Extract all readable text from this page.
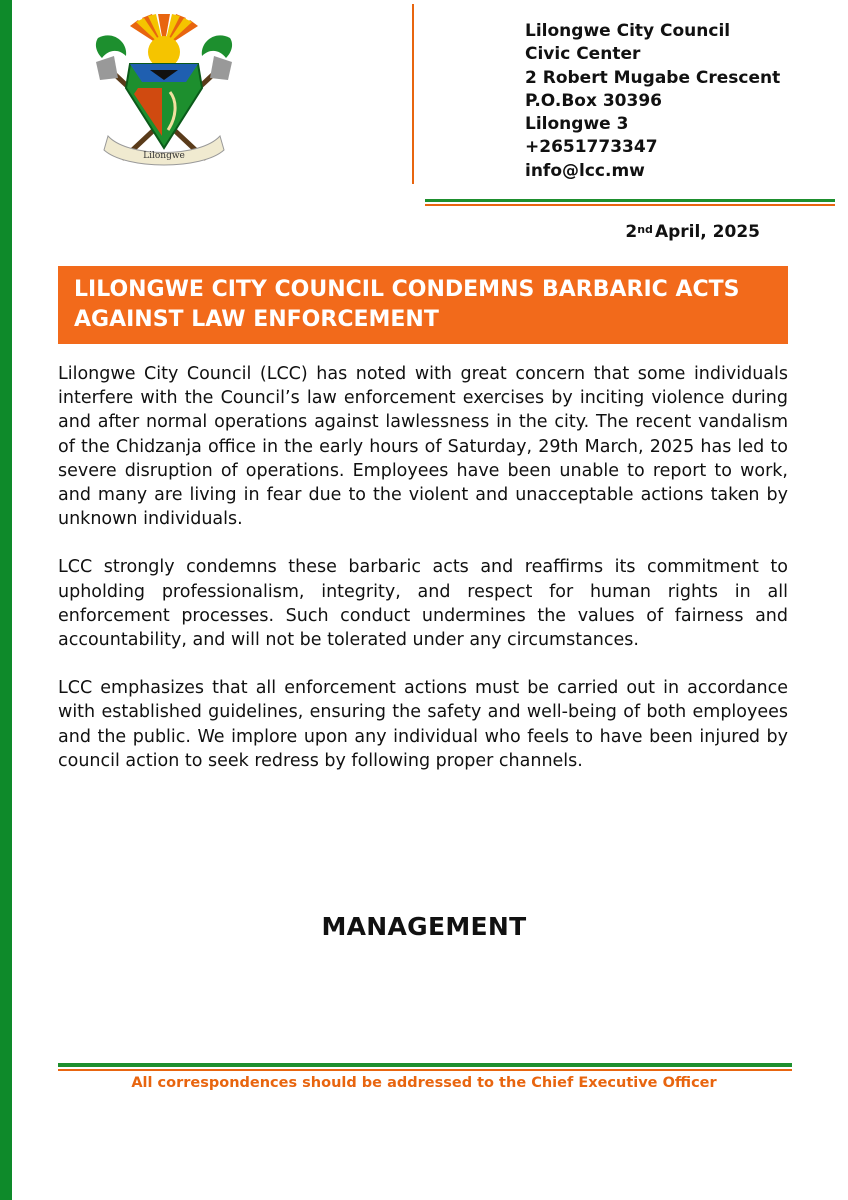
Lilongwe
Lilongwe City Council
Civic Center
2 Robert Mugabe Crescent
P.O.Box 30396
Lilongwe 3
+2651773347
info@lcc.mw
2nd April, 2025
LILONGWE CITY COUNCIL CONDEMNS BARBARIC ACTS
AGAINST LAW ENFORCEMENT

Lilongwe City Council (LCC) has noted with great concern that some individuals interfere with the Council’s law enforcement exercises by inciting violence during and after normal operations against lawlessness in the city. The recent vandalism of the Chidzanja office in the early hours of Saturday, 29th March, 2025 has led to severe disruption of operations. Employees have been unable to report to work, and many are living in fear due to the violent and unacceptable actions taken by unknown individuals.

LCC strongly condemns these barbaric acts and reaffirms its commitment to upholding professionalism, integrity, and respect for human rights in all enforcement processes. Such conduct undermines the values of fairness and accountability, and will not be tolerated under any circumstances.

LCC emphasizes that all enforcement actions must be carried out in accordance with established guidelines, ensuring the safety and well-being of both employees and the public. We implore upon any individual who feels to have been injured by council action to seek redress by following proper channels.

MANAGEMENT
All correspondences should be addressed to the Chief Executive Officer
